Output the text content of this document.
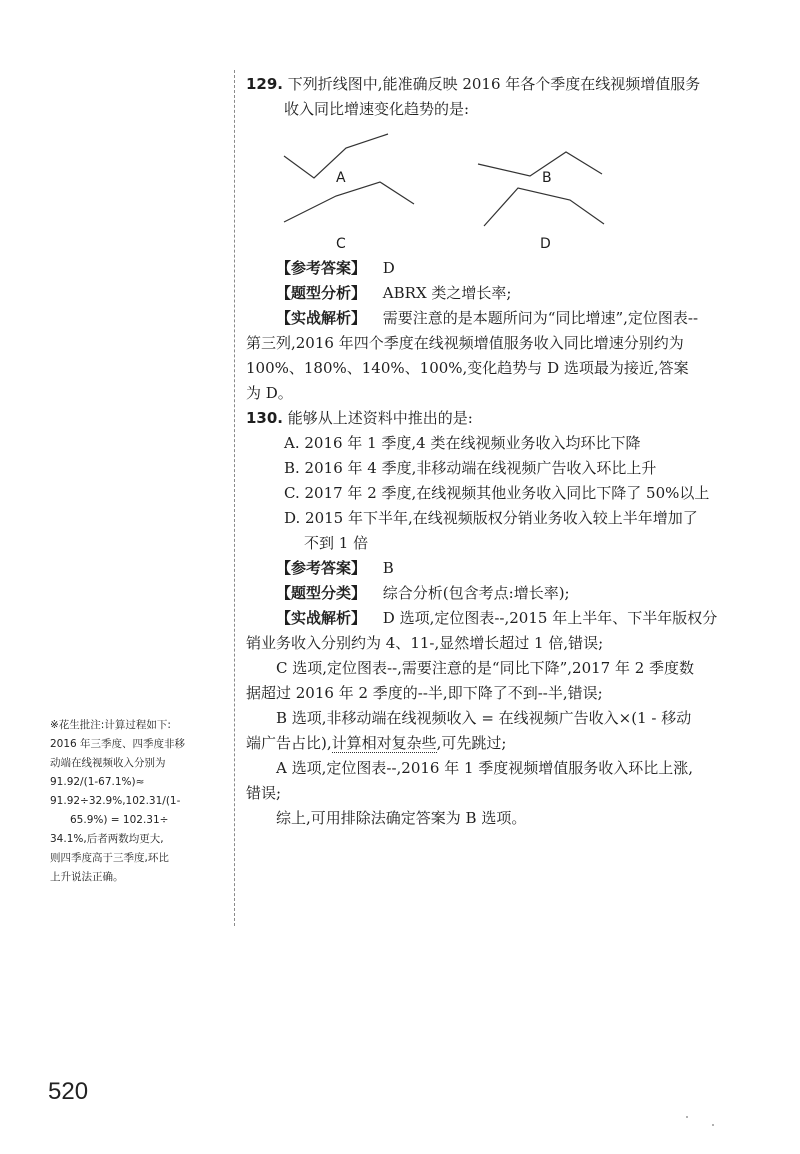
129. 下列折线图中,能准确反映 2016 年各个季度在线视频增值服务
收入同比增速变化趋势的是:
A	B
C	D
【参考答案】 D
【题型分析】 ABRX 类之增长率;
【实战解析】 需要注意的是本题所问为“同比增速”,定位图表--
第三列,2016 年四个季度在线视频增值服务收入同比增速分别约为
100%、180%、140%、100%,变化趋势与 D 选项最为接近,答案
为 D。
130. 能够从上述资料中推出的是:
A. 2016 年 1 季度,4 类在线视频业务收入均环比下降
B. 2016 年 4 季度,非移动端在线视频广告收入环比上升
C. 2017 年 2 季度,在线视频其他业务收入同比下降了 50%以上
D. 2015 年下半年,在线视频版权分销业务收入较上半年增加了
不到 1 倍
【参考答案】 B
【题型分类】 综合分析(包含考点:增长率);
【实战解析】 D 选项,定位图表--,2015 年上半年、下半年版权分
销业务收入分别约为 4、11-,显然增长超过 1 倍,错误;
C 选项,定位图表--,需要注意的是“同比下降”,2017 年 2 季度数
据超过 2016 年 2 季度的--半,即下降了不到--半,错误;
B 选项,非移动端在线视频收入 = 在线视频广告收入×(1 - 移动
端广告占比),计算相对复杂些,可先跳过;
A 选项,定位图表--,2016 年 1 季度视频增值服务收入环比上涨,
错误;
综上,可用排除法确定答案为 B 选项。
※花生批注:计算过程如下:
2016 年三季度、四季度非移
动端在线视频收入分别为
91.92/(1-67.1%)≈
91.92÷32.9%,102.31/(1-
65.9%) = 102.31÷
34.1%,后者两数均更大,
则四季度高于三季度,环比
上升说法正确。
520
